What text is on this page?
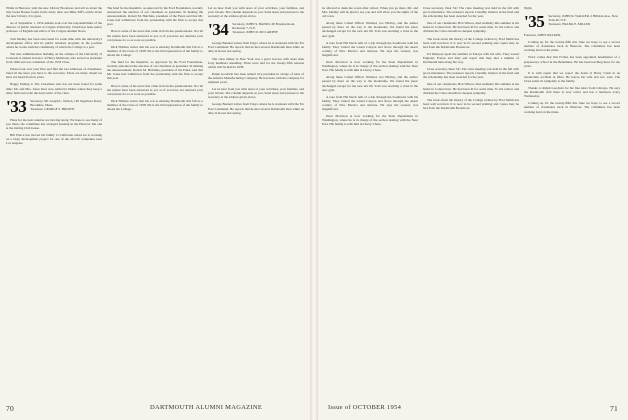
While in Hanover, visit the new Library Bookstore and tell us about the tiny books Barnes found in his study. Also see Mike Ziff's article about the new Library. It is great.

As of September 1, 1954 Adkins took over the responsibilities of the director of public relations at Colgate University. Chuck has been senior professor of English and editor of the Colgate Alumni News.

Tom Dudley has been associated for some time with the university's development office and its public relations program, in the position where he works with the community of which the College is a part.

The new administration building on the campus of the University of Colorado is named in honor of Harry McIntosh, who served as president from 1940 and was a member of the 1933 Class.

Please look over your files and find the lost addresses of classmates. Send all the news you have to the secretary. There are many whom we have not heard from in years.

Happy Ending to The Classmate who has not been found for some time: Mr. and Mrs. Jones have now settled in Maine where they keep a dairy farm and write the news letter of the class.

'33 Secretary, Mr. Joseph L. Nelson, 140 Sagamore Road, Brookline, Mass.
Treasurer, GEORGE S. BROWN

Plans for the next reunion are moving along. We hope to see many of you there; the committee has arranged housing in the Hanover Inn and at the Outing Club house.

Bill Pierce has moved his family to California where he is working on a large development project for one of the aircraft companies near Los Angeles.

The fund for the Republic, as approved by the Ford Foundation, recently announced the election of our classmate as president. In making the announcement, Robert M. Hutchins, president of the Fund, said that Mr. Jones had withdrawn from the partnership with his firm to accept this post.

Here is some of the news that came in from the questionnaire. Not all the replies have been answered as yet, so if you have not returned your card please do so as soon as possible.

Dick Holmes writes that his son is entering Dartmouth this fall as a member of the Class of 1958. He is the third generation of the family to attend the College.

The fund for the Republic, as approved by the Ford Foundation, recently announced the election of our classmate as president. In making the announcement, Robert M. Hutchins, president of the Fund, said that Mr. Jones had withdrawn from the partnership with his firm to accept this post.

Here is some of the news that came in from the questionnaire. Not all the replies have been answered as yet, so if you have not returned your card please do so as soon as possible.

Dick Holmes writes that his son is entering Dartmouth this fall as a member of the Class of 1958. He is the third generation of the family to attend the College.

Let us hear from you with news of your activities, your families, and your travels. The column depends on you. Send notes and pictures to the secretary at the address given above.

'34 Secretary, JOHN S. BANKS, 60 Bayside Road, Rochester 7, N.Y.
Treasurer, JOHN D. MCCARTHY

George Bennett writes from Tokyo where he is stationed with the Far East Command. He reports that he met several Dartmouth men while on duty in Korea last spring.

The class dinner in New York was a great success with more than forty members attending. Plans were laid for the twenty-fifth reunion which will be held in 1958.

Ralph Goodwin has been named vice president in charge of sales of the Atlantic Manufacturing Company. He has been with the company for eighteen years.

Let us hear from you with news of your activities, your families, and your travels. The column depends on you. Send notes and pictures to the secretary at the address given above.

George Bennett writes from Tokyo where he is stationed with the Far East Command. He reports that he met several Dartmouth men while on duty in Korea last spring.

70	DARTMOUTH ALUMNI MAGAZINE

be allowed to dunk the ocean after school. When you go there, Mr. and Mrs. Dudley will be glad to see you and will show you the sights of the old town.

Along these Camel Officer Weiland, Joe Hartley, and the author passed by there on the way to the mountains. We found the place unchanged except for the new ski lift. Tom was teaching a class in the new gym.

A note from Hal Davis tells of a trip through the Southwest with his family. They visited the Grand Canyon and drove through the desert country of New Mexico and Arizona. He says the scenery was magnificent.

Dave Morrison is now working for the State Department in Washington, where he is in charge of the section dealing with the Near East. His family is with him in Chevy Chase.

Along these Camel Officer Weiland, Joe Hartley, and the author passed by there on the way to the mountains. We found the place unchanged except for the new ski lift. Tom was teaching a class in the new gym.

A note from Hal Davis tells of a trip through the Southwest with his family. They visited the Grand Canyon and drove through the desert country of New Mexico and Arizona. He says the scenery was magnificent.

Dave Morrison is now working for the State Department in Washington, where he is in charge of the section dealing with the Near East. His family is with him in Chevy Chase.

Class secretary, Dear Sir: The class meeting was held in the fall with good attendance. The treasurer reports a healthy balance in the fund and the scholarship has been awarded for the year.

One of our classmates, Bob Wilson, died suddenly this summer at his home in Connecticut. He had been ill for some time. To his widow and children the Class extends its deepest sympathy.

The book about the history of the College written by Fred Smith has been well received. It is now in its second printing and copies may be had from the Dartmouth Bookstore.

Ed Simpson spent the summer in Europe with his wife. They toured England, France and Italy and report that they met a number of Dartmouth men along the way.

Class secretary, Dear Sir: The class meeting was held in the fall with good attendance. The treasurer reports a healthy balance in the fund and the scholarship has been awarded for the year.

One of our classmates, Bob Wilson, died suddenly this summer at his home in Connecticut. He had been ill for some time. To his widow and children the Class extends its deepest sympathy.

The book about the history of the College written by Fred Smith has been well received. It is now in its second printing and copies may be had from the Dartmouth Bookstore.

Night.

'35 Secretary, JOHN R. WALKER, 2 Hillside Ave., New York 40, N.Y.
Treasurer, FRANK E. MILLER

Fourteen, JOHN WALKER.

Coming up for the twenty-fifth this June we hope to see a record number of classmates back in Hanover. The committee has been working hard on the plans.

Word comes that Jim Forbes has been appointed headmaster of a preparatory school in the Berkshires. He has been teaching there for ten years.

It is with regret that we report the death of Harry Clark in an automobile accident in Ohio. He leaves his wife and two sons. The Class sends its sympathy to the family.

Thanks to Ralph Goodwin for his fine letter from Chicago. He says the Dartmouth club there is very active and has a luncheon every Wednesday.

Coming up for the twenty-fifth this June we hope to see a record number of classmates back in Hanover. The committee has been working hard on the plans.

Issue of OCTOBER 1954	71
